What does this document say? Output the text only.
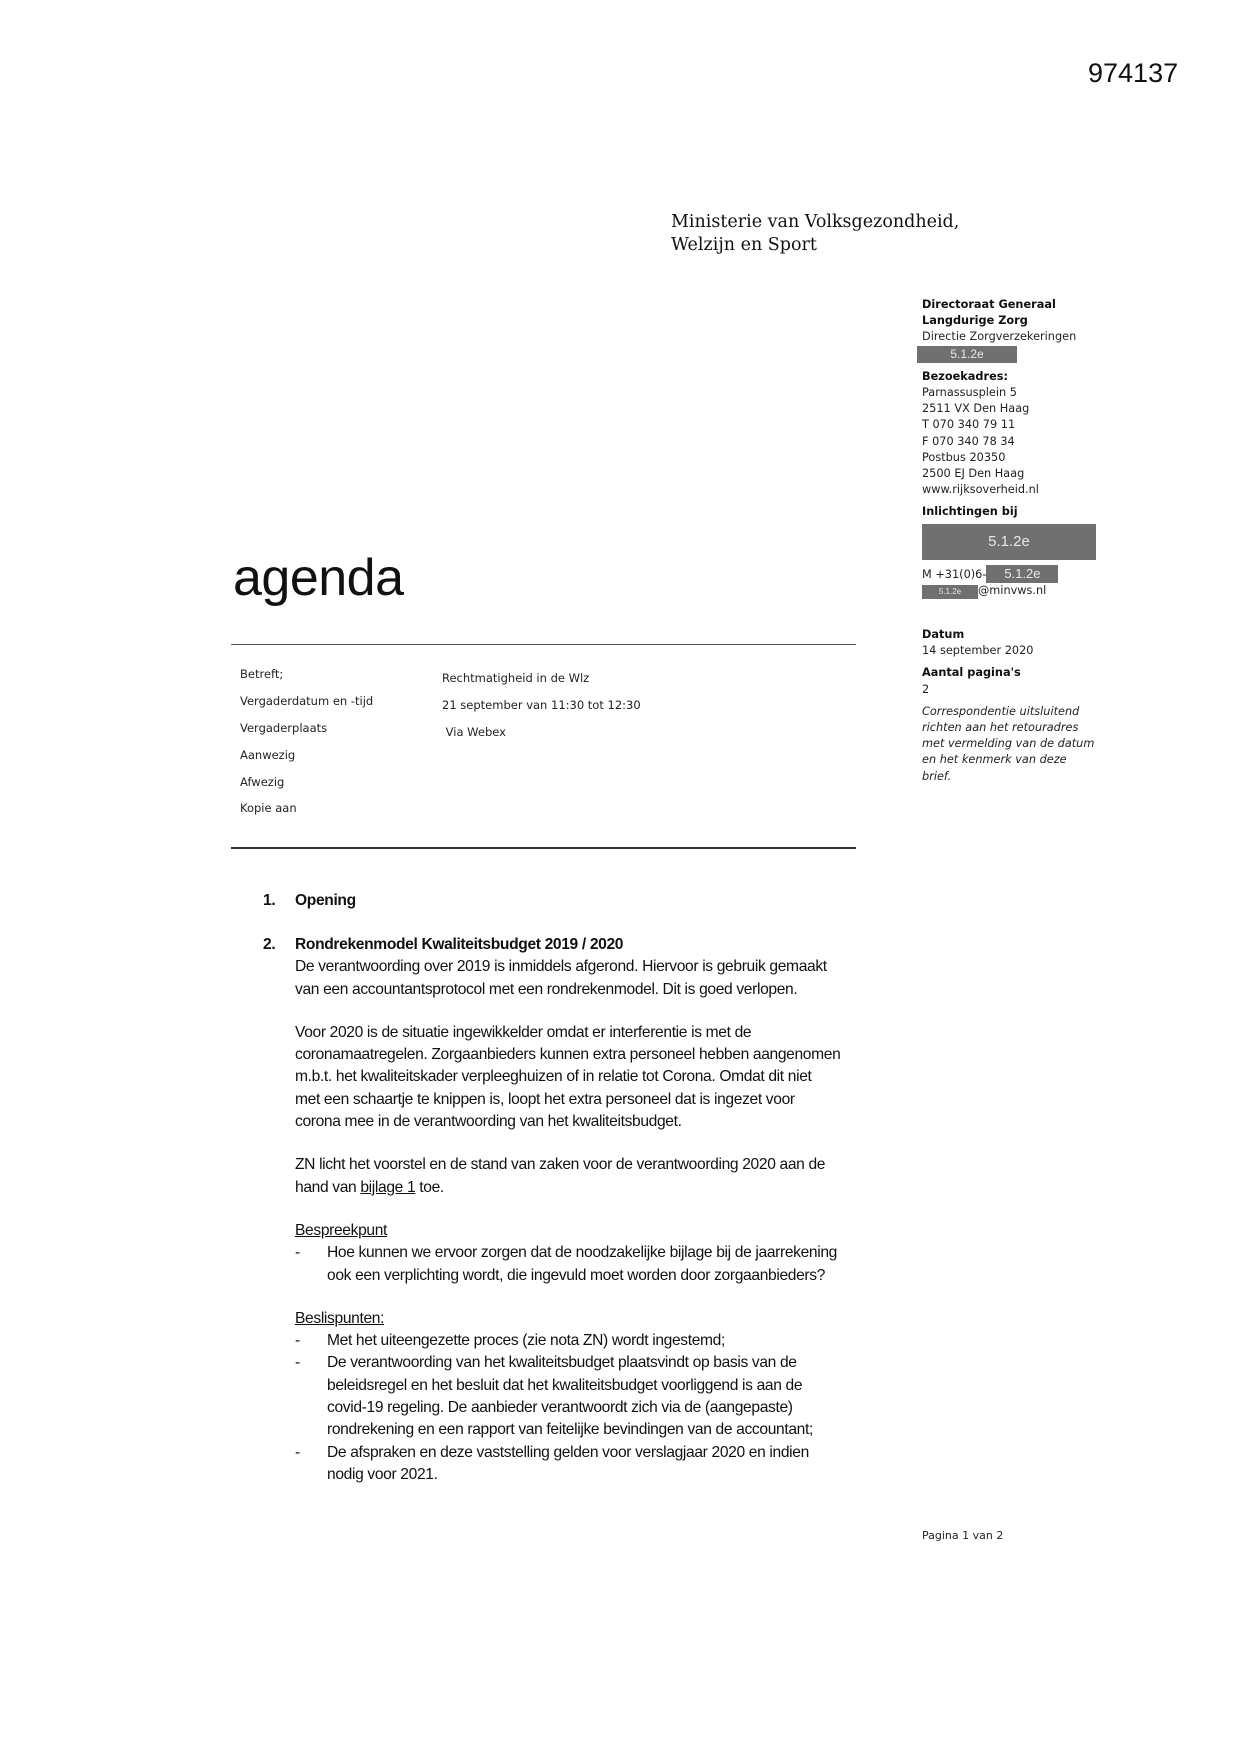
974137
Ministerie van Volksgezondheid,
Welzijn en Sport
Directoraat Generaal
Langdurige Zorg
Directie Zorgverzekeringen
5.1.2e
Bezoekadres:
Parnassusplein 5
2511 VX Den Haag
T 070 340 79 11
F 070 340 78 34
Postbus 20350
2500 EJ Den Haag
www.rijksoverheid.nl
Inlichtingen bij
5.1.2e
M +31(0)6- 5.1.2e
5.1.2e @minvws.nl
Datum
14 september 2020
Aantal pagina's
2
Correspondentie uitsluitend
richten aan het retouradres
met vermelding van de datum
en het kenmerk van deze
brief.
agenda
Betreft;
Vergaderdatum en -tijd
Vergaderplaats
Aanwezig
Afwezig
Kopie aan
Rechtmatigheid in de Wlz
21 september van 11:30 tot 12:30
Via Webex
1. Opening
2. Rondrekenmodel Kwaliteitsbudget 2019 / 2020
De verantwoording over 2019 is inmiddels afgerond. Hiervoor is gebruik gemaakt
van een accountantsprotocol met een rondrekenmodel. Dit is goed verlopen.
Voor 2020 is de situatie ingewikkelder omdat er interferentie is met de
coronamaatregelen. Zorgaanbieders kunnen extra personeel hebben aangenomen
m.b.t. het kwaliteitskader verpleeghuizen of in relatie tot Corona. Omdat dit niet
met een schaartje te knippen is, loopt het extra personeel dat is ingezet voor
corona mee in de verantwoording van het kwaliteitsbudget.
ZN licht het voorstel en de stand van zaken voor de verantwoording 2020 aan de
hand van bijlage 1 toe.
Bespreekpunt
- Hoe kunnen we ervoor zorgen dat de noodzakelijke bijlage bij de jaarrekening
ook een verplichting wordt, die ingevuld moet worden door zorgaanbieders?
Beslispunten:
- Met het uiteengezette proces (zie nota ZN) wordt ingestemd;
- De verantwoording van het kwaliteitsbudget plaatsvindt op basis van de
beleidsregel en het besluit dat het kwaliteitsbudget voorliggend is aan de
covid-19 regeling. De aanbieder verantwoordt zich via de (aangepaste)
rondrekening en een rapport van feitelijke bevindingen van de accountant;
- De afspraken en deze vaststelling gelden voor verslagjaar 2020 en indien
nodig voor 2021.
Pagina 1 van 2
